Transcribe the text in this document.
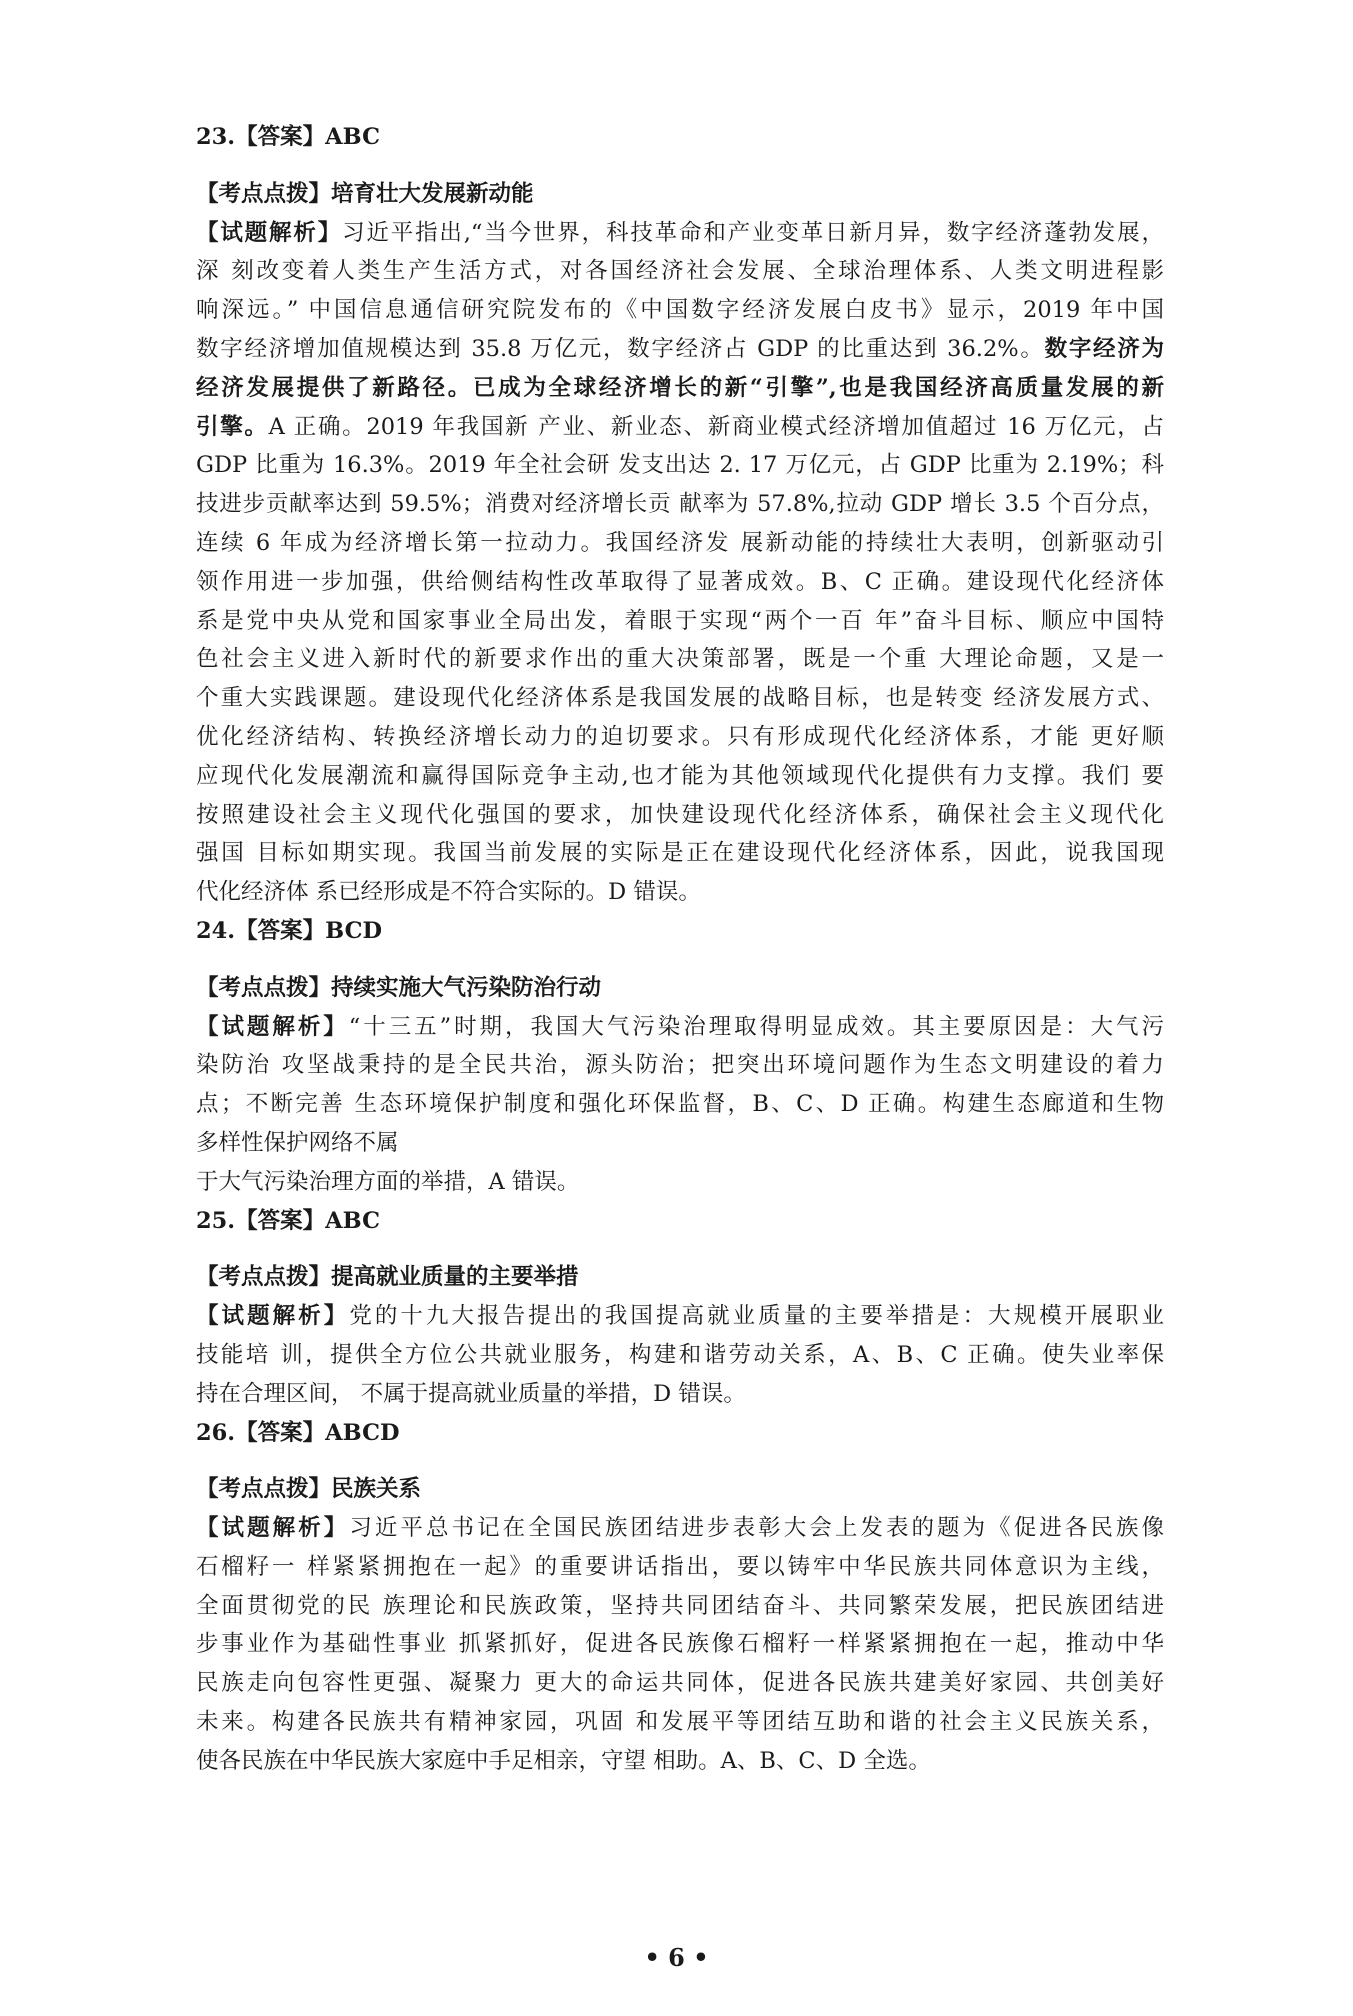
23.【答案】ABC
【考点点拨】培育壮大发展新动能
【试题解析】习近平指出,“当今世界，科技革命和产业变革日新月异，数字经济蓬勃发展，
深 刻改变着人类生产生活方式，对各国经济社会发展、全球治理体系、人类文明进程影
响深远。” 中国信息通信研究院发布的《中国数字经济发展白皮书》显示，2019 年中国
数字经济增加值规模达到 35.8 万亿元，数字经济占 GDP 的比重达到 36.2%。数字经济为
经济发展提供了新路径。已成为全球经济增长的新“引擎”,也是我国经济高质量发展的新
引擎。A 正确。2019 年我国新 产业、新业态、新商业模式经济增加值超过 16 万亿元，占
GDP 比重为 16.3%。2019 年全社会研 发支出达 2. 17 万亿元，占 GDP 比重为 2.19%；科
技进步贡献率达到 59.5%；消费对经济增长贡 献率为 57.8%,拉动 GDP 增长 3.5 个百分点，
连续 6 年成为经济增长第一拉动力。我国经济发 展新动能的持续壮大表明，创新驱动引
领作用进一步加强，供给侧结构性改革取得了显著成效。B、C 正确。建设现代化经济体
系是党中央从党和国家事业全局出发，着眼于实现“两个一百 年”奋斗目标、顺应中国特
色社会主义进入新时代的新要求作出的重大决策部署，既是一个重 大理论命题，又是一
个重大实践课题。建设现代化经济体系是我国发展的战略目标，也是转变 经济发展方式、
优化经济结构、转换经济增长动力的迫切要求。只有形成现代化经济体系，才能 更好顺
应现代化发展潮流和赢得国际竞争主动,也才能为其他领域现代化提供有力支撑。我们 要
按照建设社会主义现代化强国的要求，加快建设现代化经济体系，确保社会主义现代化
强国 目标如期实现。我国当前发展的实际是正在建设现代化经济体系，因此，说我国现
代化经济体 系已经形成是不符合实际的。D 错误。
24.【答案】BCD
【考点点拨】持续实施大气污染防治行动
【试题解析】“十三五”时期，我国大气污染治理取得明显成效。其主要原因是：大气污
染防治 攻坚战秉持的是全民共治，源头防治；把突出环境问题作为生态文明建设的着力
点；不断完善 生态环境保护制度和强化环保监督，B、C、D 正确。构建生态廊道和生物
多样性保护网络不属
于大气污染治理方面的举措，A 错误。
25.【答案】ABC
【考点点拨】提高就业质量的主要举措
【试题解析】党的十九大报告提出的我国提高就业质量的主要举措是：大规模开展职业
技能培 训，提供全方位公共就业服务，构建和谐劳动关系，A、B、C 正确。使失业率保
持在合理区间， 不属于提高就业质量的举措，D 错误。
26.【答案】ABCD
【考点点拨】民族关系
【试题解析】习近平总书记在全国民族团结进步表彰大会上发表的题为《促进各民族像
石榴籽一 样紧紧拥抱在一起》的重要讲话指出，要以铸牢中华民族共同体意识为主线，
全面贯彻党的民 族理论和民族政策，坚持共同团结奋斗、共同繁荣发展，把民族团结进
步事业作为基础性事业 抓紧抓好，促进各民族像石榴籽一样紧紧拥抱在一起，推动中华
民族走向包容性更强、凝聚力 更大的命运共同体，促进各民族共建美好家园、共创美好
未来。构建各民族共有精神家园，巩固 和发展平等团结互助和谐的社会主义民族关系，
使各民族在中华民族大家庭中手足相亲，守望 相助。A、B、C、D 全选。
• 6 •
